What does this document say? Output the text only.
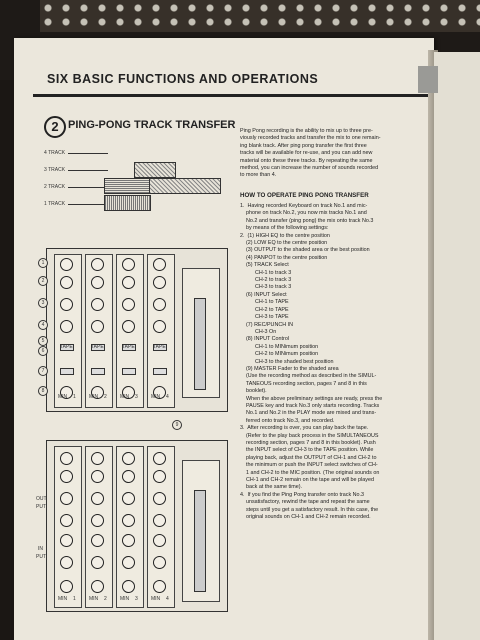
SIX BASIC FUNCTIONS AND OPERATIONS
2 PING-PONG TRACK TRANSFER
4 TRACK
3 TRACK
2 TRACK
1 TRACK
Ping Pong recording is the ability to mix up to three pre-
viously recorded tracks and transfer the mix to one remain-
ing blank track. After ping pong transfer the first three
tracks will be available for re-use, and you can add new
material onto these three tracks. By repeating the same
method, you can increase the number of sounds recorded
to more than 4.
HOW TO OPERATE PING PONG TRANSFER
1.  Having recorded Keyboard on track No.1 and mic-
phone on track No.2, you now mix tracks No.1 and
No.2 and transfer (ping pong) the mix onto track No.3
by means of the following settings:
2.  (1) HIGH EQ to the centre position
(2) LOW EQ to the centre position
(3) OUTPUT to the shaded area or the best position
(4) PANPOT to the centre position
(5) TRACK Select
CH-1 to track 3
CH-2 to track 3
CH-3 to track 3
(6) INPUT Select
CH-1 to TAPE
CH-2 to TAPE
CH-3 to TAPE
(7) REC/PUNCH IN
CH-3 On
(8) INPUT Control
CH-1 to MINimum position
CH-2 to MINimum position
CH-3 to the shaded best position
(9) MASTER Fader to the shaded area
(Use the recording method as described in the SIMUL-
TANEOUS recording section, pages 7 and 8 in this
booklet).
When the above preliminary settings are ready, press the
PAUSE key and track No.3 only starts recording. Tracks
No.1 and No.2 in the PLAY mode are mixed and trans-
ferred onto track No.3, and recorded.
3.  After recording is over, you can play back the tape.
(Refer to the play back process in the SIMULTANEOUS
recording section, pages 7 and 8 in this booklet). Push
the INPUT select of CH-3 to the TAPE position. While
playing back, adjust the OUTPUT of CH-1 and CH-2 to
the minimum or push the INPUT select switches of CH-
1 and CH-2 to the MIC position. (The original sounds on
CH-1 and CH-2 remain on the tape and will be played
back at the same time).
4.  If you find the Ping Pong transfer onto track No.3
unsatisfactory, rewind the tape and repeat the same
steps until you get a satisfactory result. In this case, the
original sounds on CH-1 and CH-2 remain recorded.
TAPE
MIN 1
TAPE
MIN 2
TAPE
MIN 3
TAPE
MIN 4
MIN 1	MIN 2	MIN 3	MIN 4
1
2
3
4
5
6
7
8
OUT
PUT
IN
PUT
9
